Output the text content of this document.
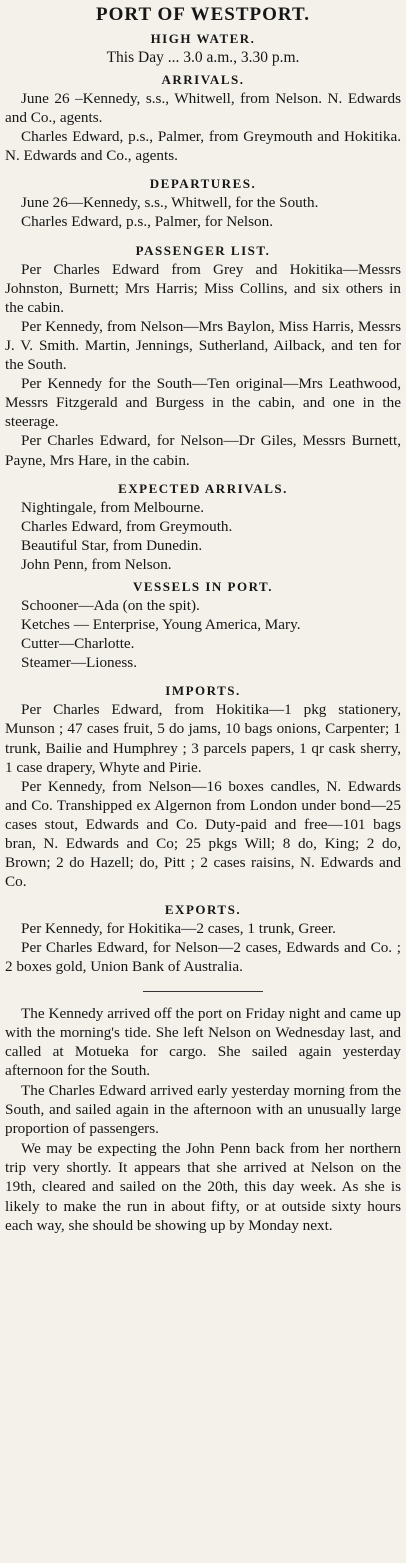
PORT OF WESTPORT.
HIGH WATER.

This Day ... 3.0 a.m., 3.30 p.m.

ARRIVALS.

June 26 –Kennedy, s.s., Whitwell, from Nelson. N. Edwards and Co., agents.

Charles Edward, p.s., Palmer, from Greymouth and Hokitika. N. Edwards and Co., agents.

DEPARTURES.

June 26—Kennedy, s.s., Whitwell, for the South.

Charles Edward, p.s., Palmer, for Nelson.

PASSENGER LIST.

Per Charles Edward from Grey and Hokitika—Messrs Johnston, Burnett; Mrs Harris; Miss Collins, and six others in the cabin.

Per Kennedy, from Nelson—Mrs Baylon, Miss Harris, Messrs J. V. Smith. Martin, Jennings, Sutherland, Ailback, and ten for the South.

Per Kennedy for the South—Ten original—Mrs Leathwood, Messrs Fitzgerald and Burgess in the cabin, and one in the steerage.

Per Charles Edward, for Nelson—Dr Giles, Messrs Burnett, Payne, Mrs Hare, in the cabin.

EXPECTED ARRIVALS.

Nightingale, from Melbourne.

Charles Edward, from Greymouth.

Beautiful Star, from Dunedin.

John Penn, from Nelson.

VESSELS IN PORT.

Schooner—Ada (on the spit).

Ketches — Enterprise, Young America, Mary.

Cutter—Charlotte.

Steamer—Lioness.

IMPORTS.

Per Charles Edward, from Hokitika—1 pkg stationery, Munson ; 47 cases fruit, 5 do jams, 10 bags onions, Carpenter; 1 trunk, Bailie and Humphrey ; 3 parcels papers, 1 qr cask sherry, 1 case drapery, Whyte and Pirie.

Per Kennedy, from Nelson—16 boxes candles, N. Edwards and Co. Transhipped ex Algernon from London under bond—25 cases stout, Edwards and Co. Duty-paid and free—101 bags bran, N. Edwards and Co; 25 pkgs Will; 8 do, King; 2 do, Brown; 2 do Hazell; do, Pitt ; 2 cases raisins, N. Edwards and Co.

EXPORTS.

Per Kennedy, for Hokitika—2 cases, 1 trunk, Greer.

Per Charles Edward, for Nelson—2 cases, Edwards and Co. ; 2 boxes gold, Union Bank of Australia.

The Kennedy arrived off the port on Friday night and came up with the morning's tide. She left Nelson on Wednesday last, and called at Motueka for cargo. She sailed again yesterday afternoon for the South.

The Charles Edward arrived early yesterday morning from the South, and sailed again in the afternoon with an unusually large proportion of passengers.

We may be expecting the John Penn back from her northern trip very shortly. It appears that she arrived at Nelson on the 19th, cleared and sailed on the 20th, this day week. As she is likely to make the run in about fifty, or at outside sixty hours each way, she should be showing up by Monday next.
